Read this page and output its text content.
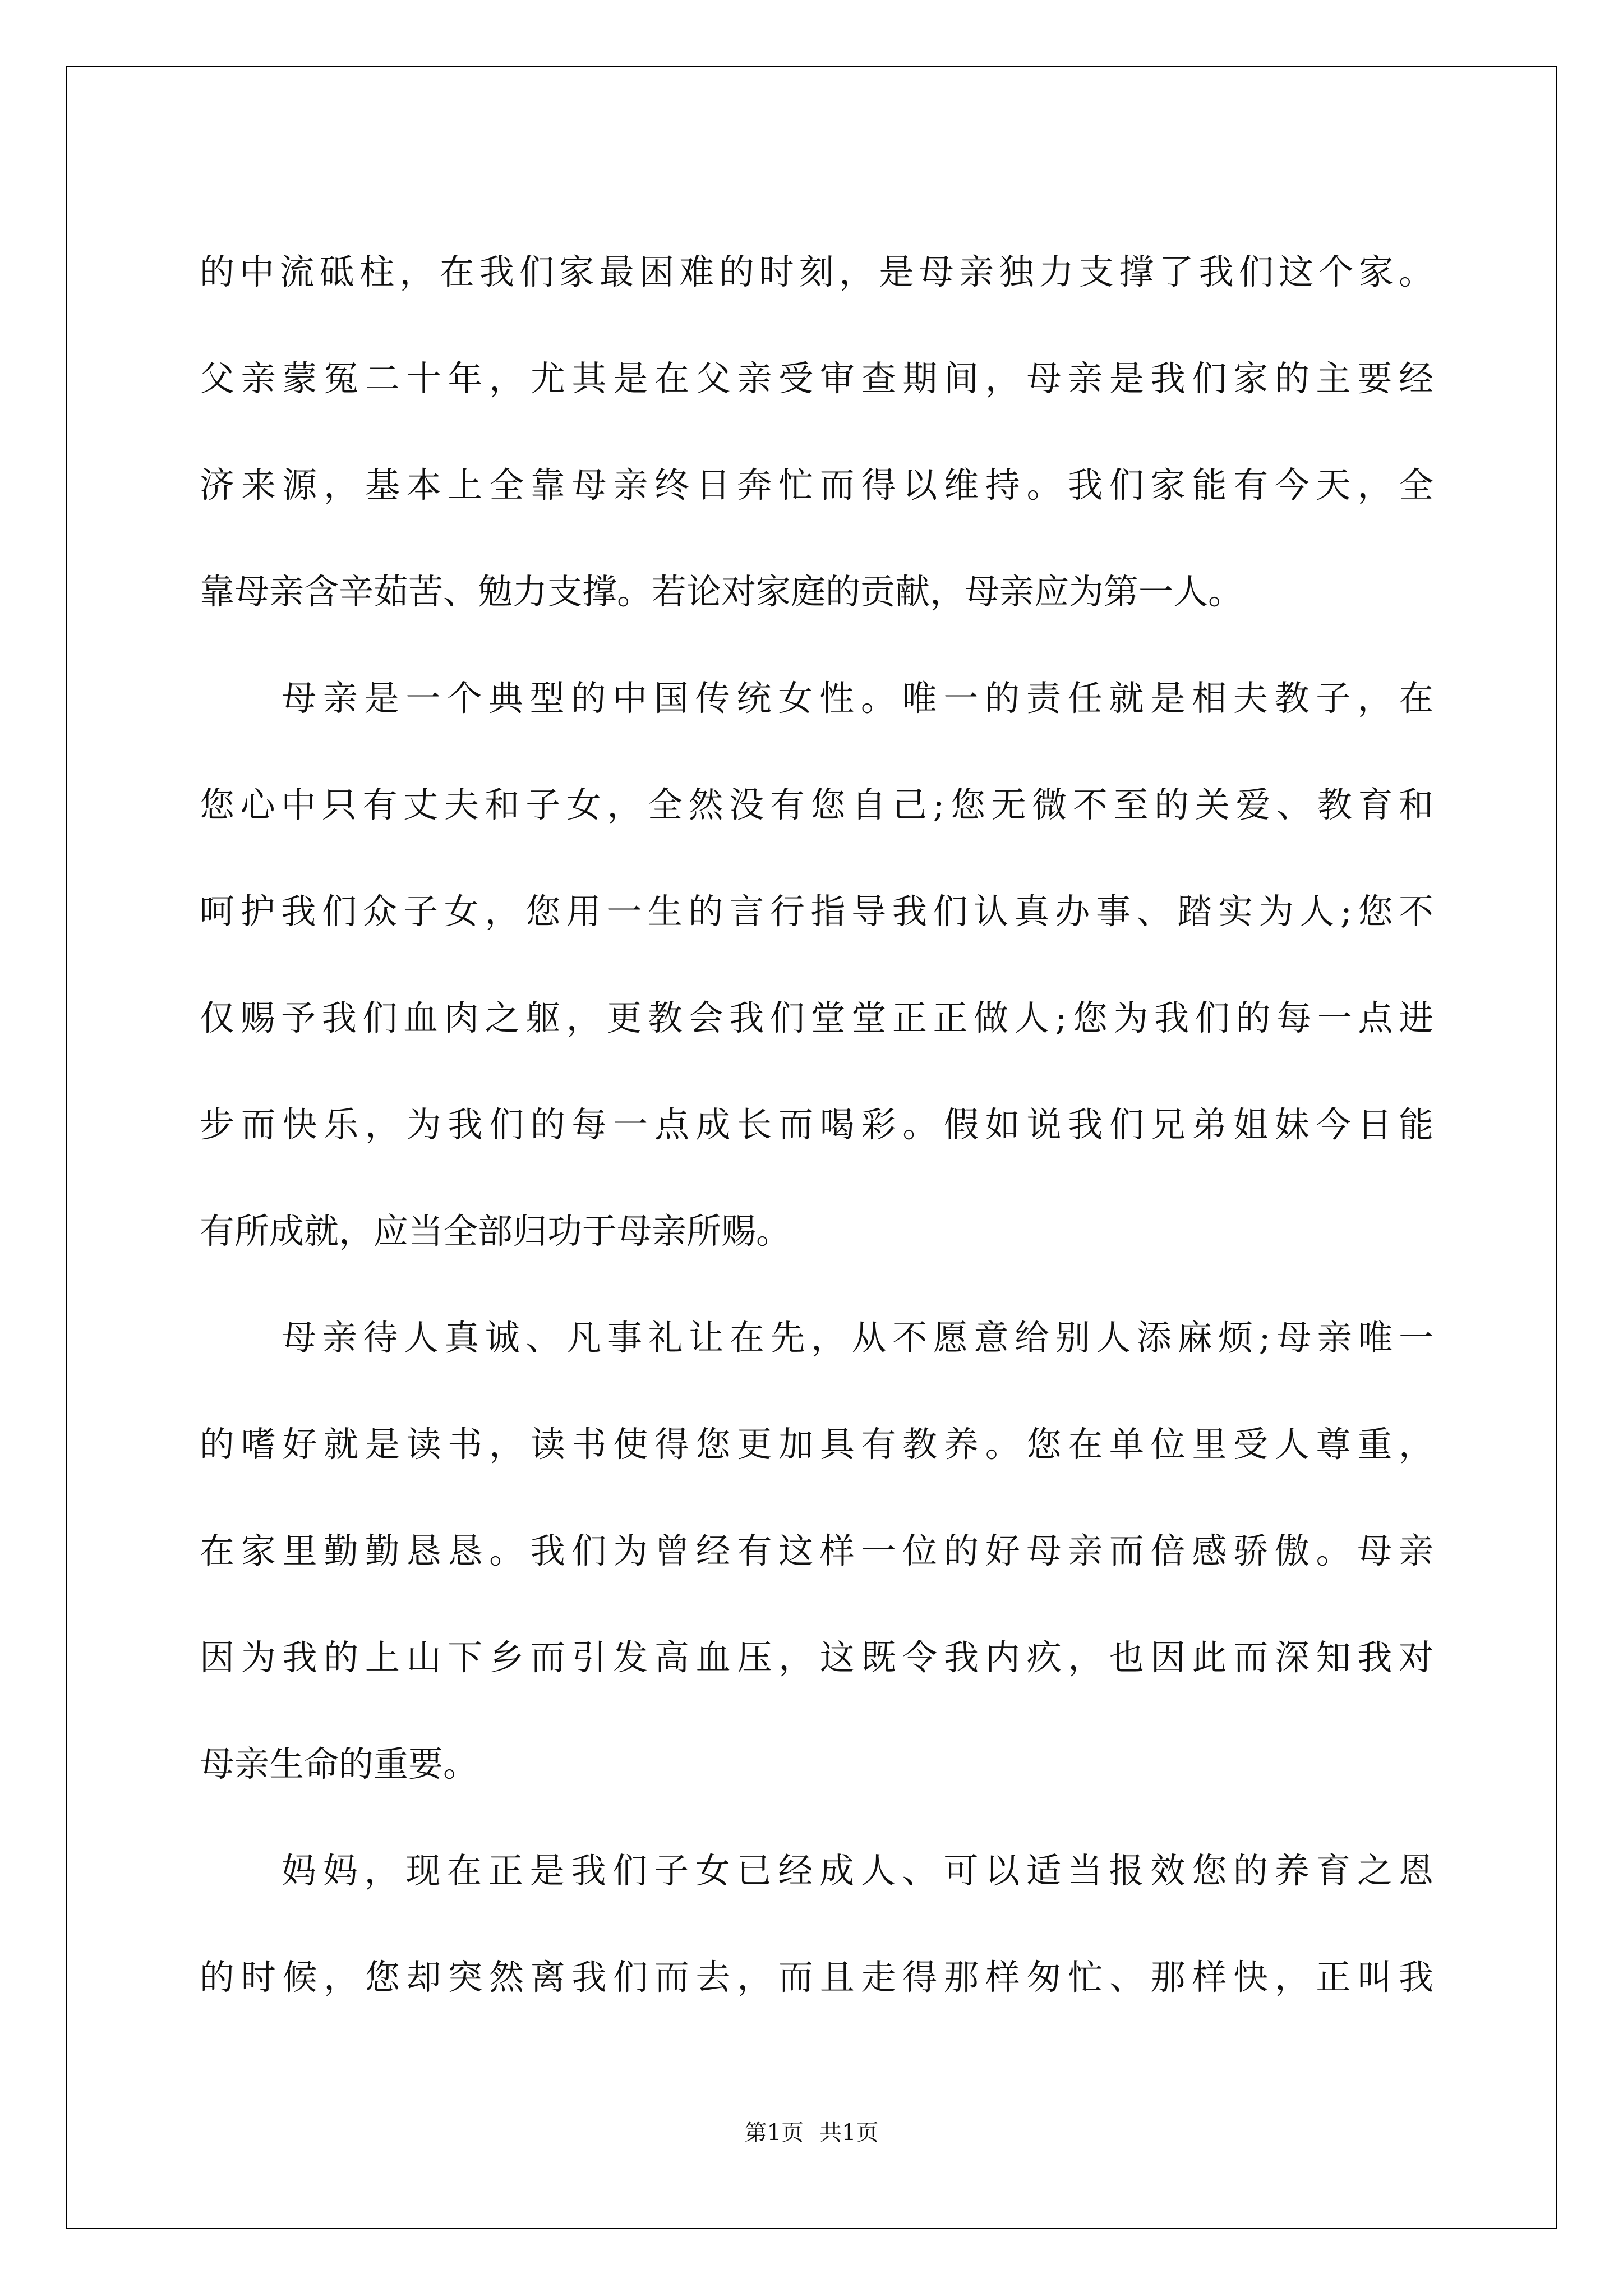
的中流砥柱，在我们家最困难的时刻，是母亲独力支撑了我们这个家。
父亲蒙冤二十年，尤其是在父亲受审查期间，母亲是我们家的主要经
济来源，基本上全靠母亲终日奔忙而得以维持。我们家能有今天，全
靠母亲含辛茹苦、勉力支撑。若论对家庭的贡献，母亲应为第一人。
母亲是一个典型的中国传统女性。唯一的责任就是相夫教子，在
您心中只有丈夫和子女，全然没有您自己;您无微不至的关爱、教育和
呵护我们众子女，您用一生的言行指导我们认真办事、踏实为人;您不
仅赐予我们血肉之躯，更教会我们堂堂正正做人;您为我们的每一点进
步而快乐，为我们的每一点成长而喝彩。假如说我们兄弟姐妹今日能
有所成就，应当全部归功于母亲所赐。
母亲待人真诚、凡事礼让在先，从不愿意给别人添麻烦;母亲唯一
的嗜好就是读书，读书使得您更加具有教养。您在单位里受人尊重，
在家里勤勤恳恳。我们为曾经有这样一位的好母亲而倍感骄傲。母亲
因为我的上山下乡而引发高血压，这既令我内疚，也因此而深知我对
母亲生命的重要。
妈妈，现在正是我们子女已经成人、可以适当报效您的养育之恩
的时候，您却突然离我们而去，而且走得那样匆忙、那样快，正叫我
第1页 共1页
